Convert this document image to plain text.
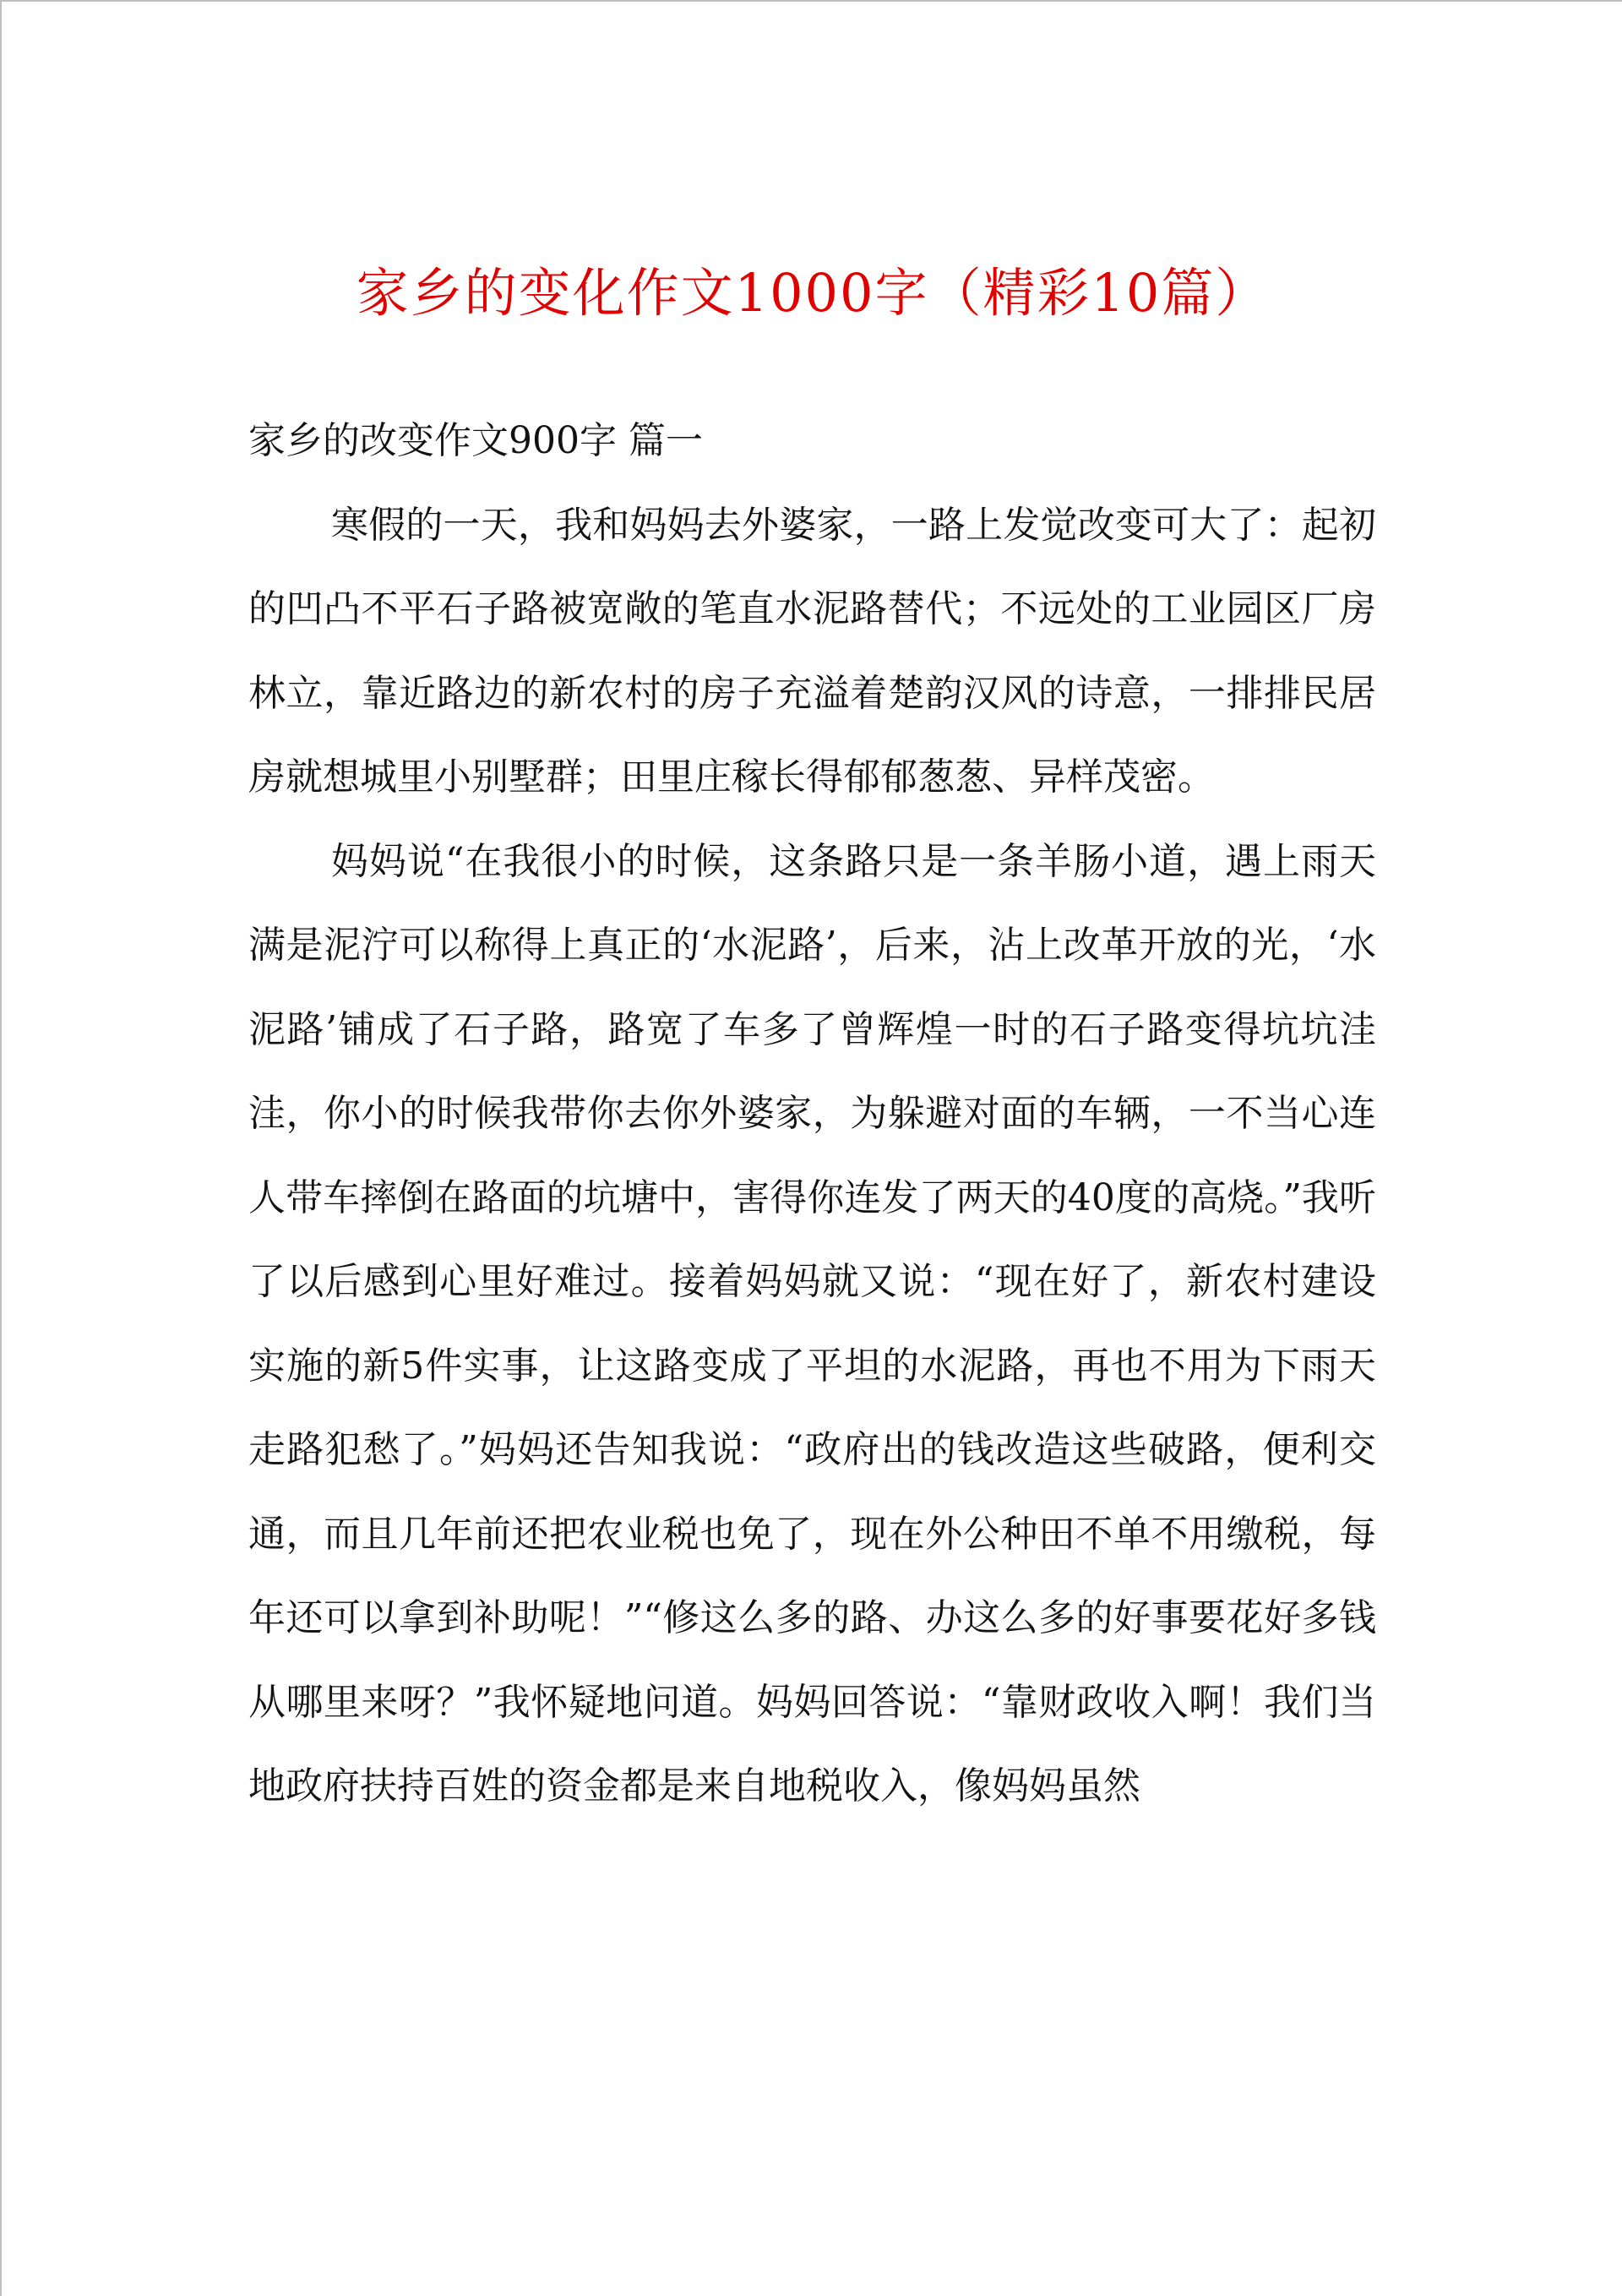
家乡的变化作文1000字（精彩10篇）

家乡的改变作文900字 篇一

寒假的一天，我和妈妈去外婆家，一路上发觉改变可大了：起初的凹凸不平石子路被宽敞的笔直水泥路替代；不远处的工业园区厂房林立，靠近路边的新农村的房子充溢着楚韵汉风的诗意，一排排民居房就想城里小别墅群；田里庄稼长得郁郁葱葱、异样茂密。

妈妈说“在我很小的时候，这条路只是一条羊肠小道，遇上雨天满是泥泞可以称得上真正的‘水泥路’，后来，沾上改革开放的光，‘水泥路’铺成了石子路，路宽了车多了曾辉煌一时的石子路变得坑坑洼洼，你小的时候我带你去你外婆家，为躲避对面的车辆，一不当心连人带车摔倒在路面的坑塘中，害得你连发了两天的40度的高烧。”我听了以后感到心里好难过。接着妈妈就又说：“现在好了，新农村建设实施的新5件实事，让这路变成了平坦的水泥路，再也不用为下雨天走路犯愁了。”妈妈还告知我说：“政府出的钱改造这些破路，便利交通，而且几年前还把农业税也免了，现在外公种田不单不用缴税，每年还可以拿到补助呢！”“修这么多的路、办这么多的好事要花好多钱从哪里来呀？”我怀疑地问道。妈妈回答说：“靠财政收入啊！我们当地政府扶持百姓的资金都是来自地税收入，像妈妈虽然
